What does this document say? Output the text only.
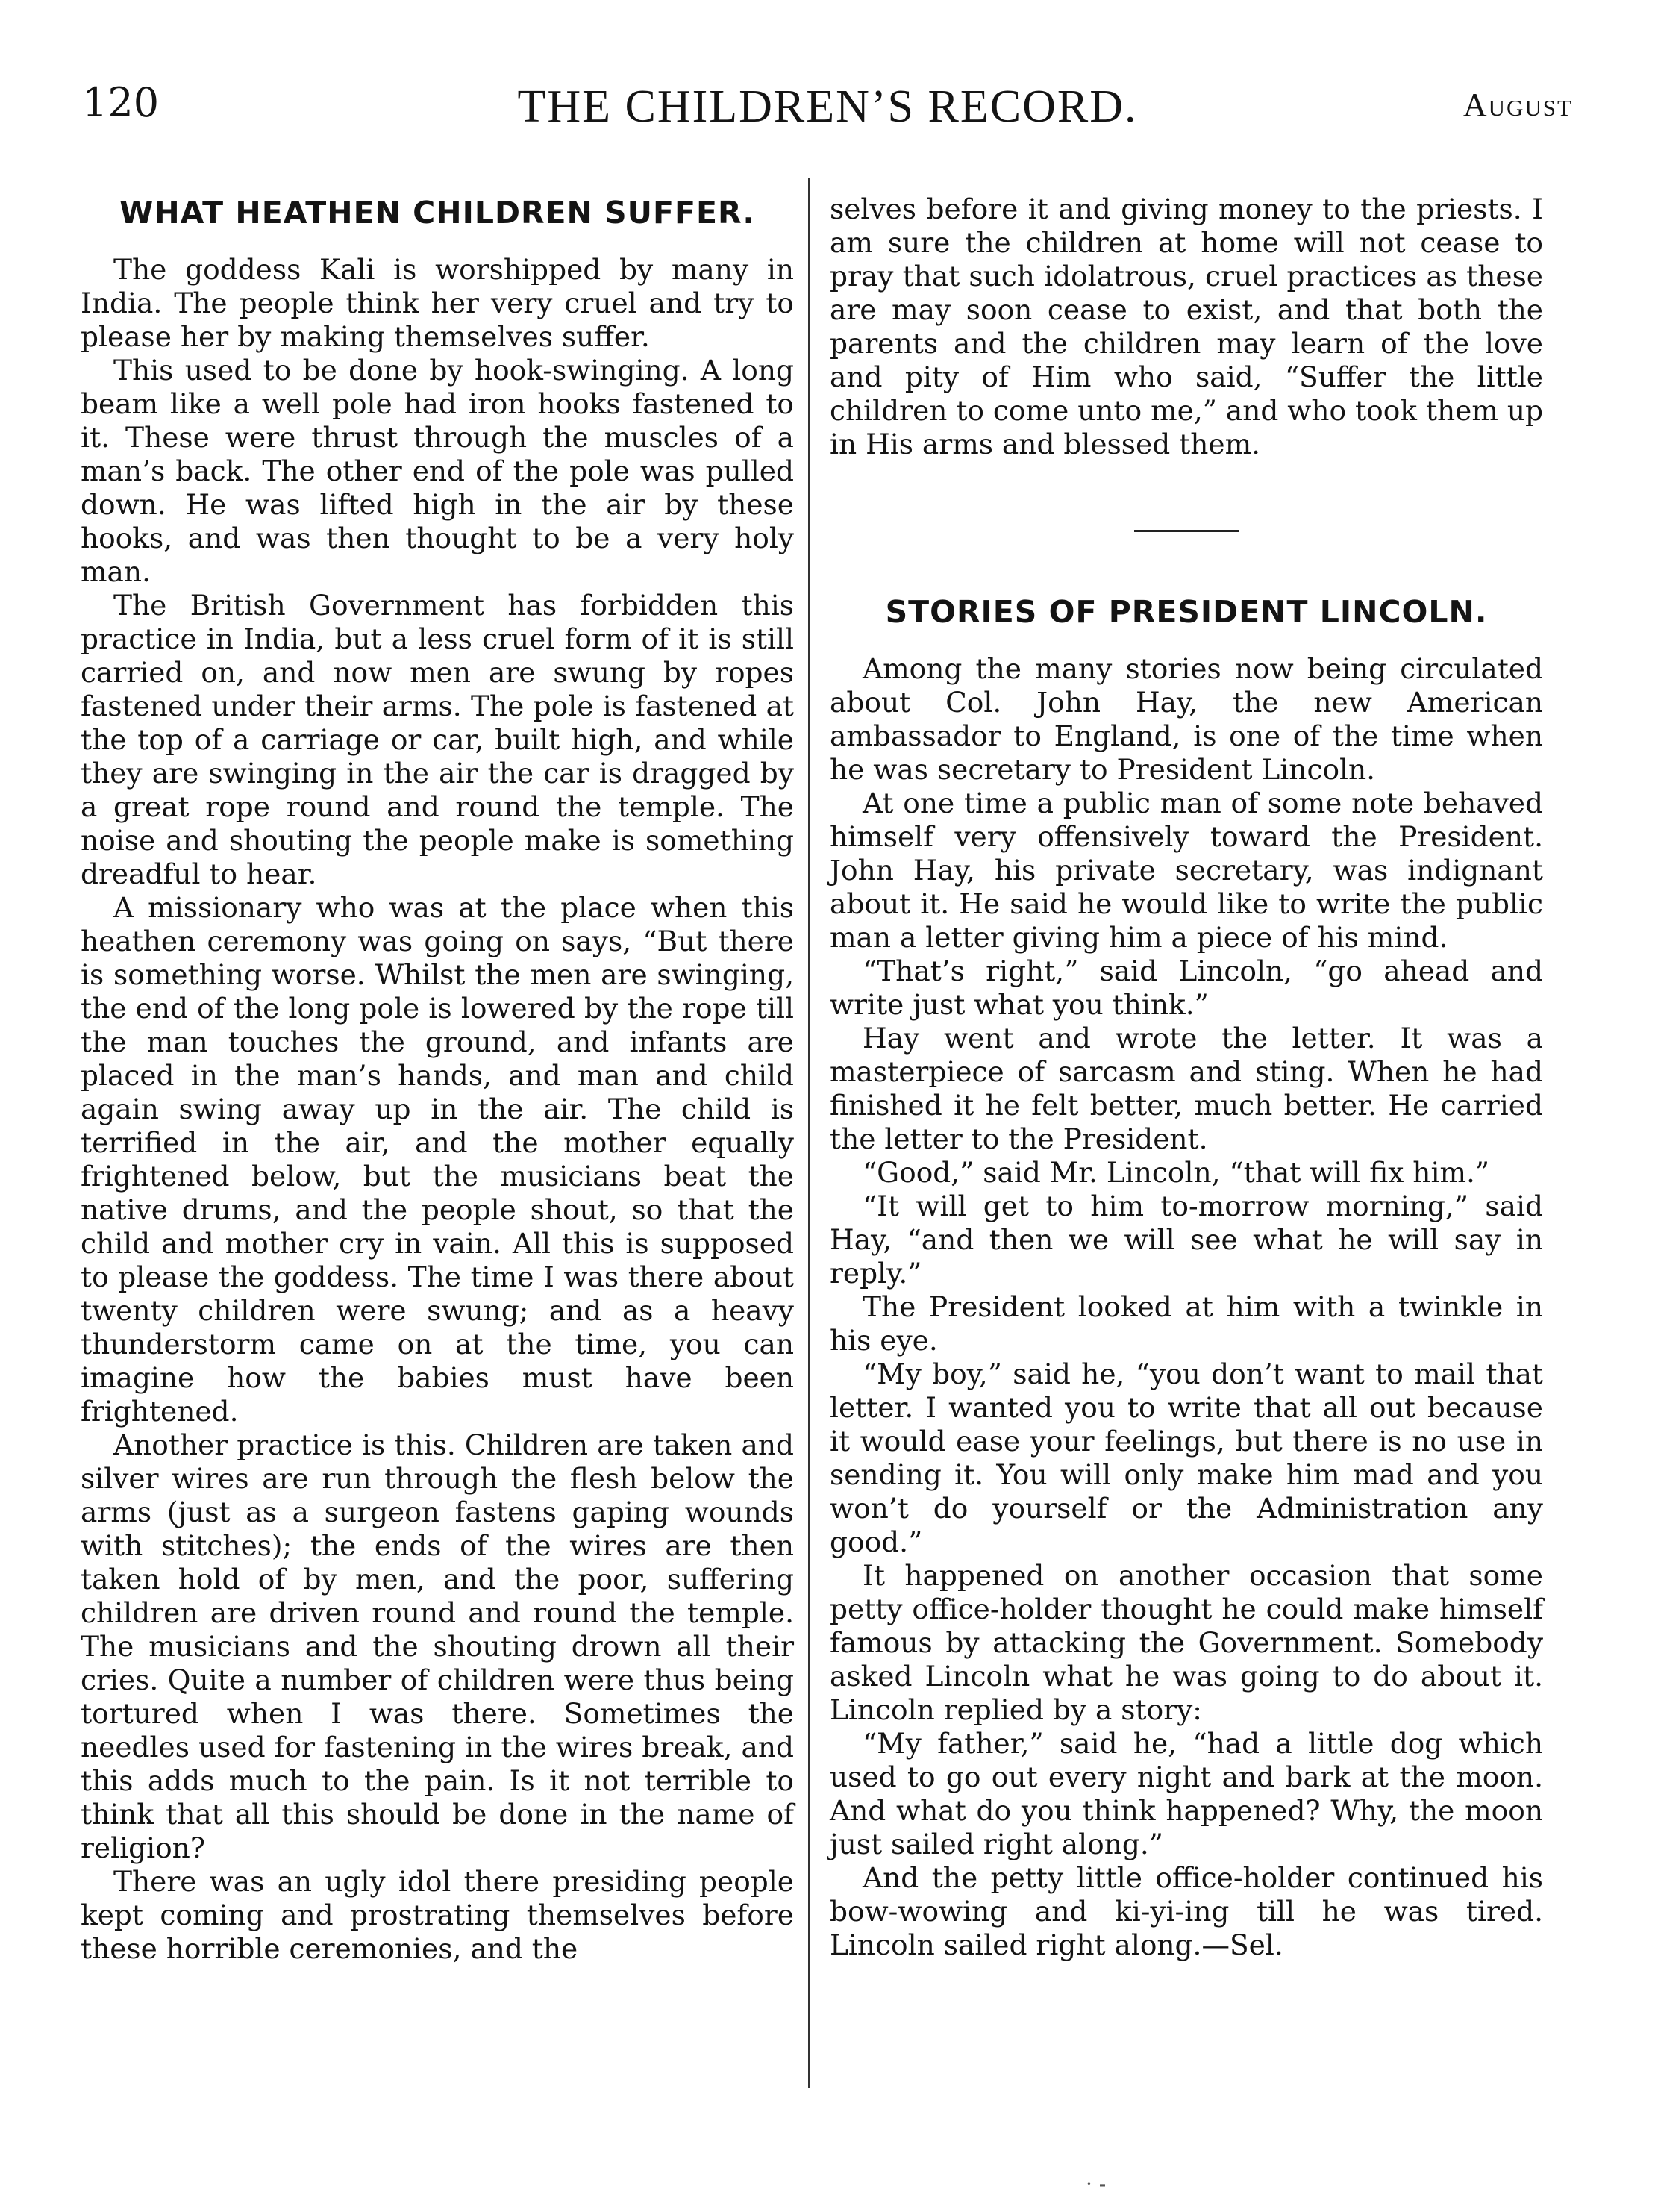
120	THE CHILDREN’S RECORD.	August
WHAT HEATHEN CHILDREN SUFFER.

The goddess Kali is worshipped by many in India. The people think her very cruel and try to please her by making themselves suffer.

This used to be done by hook-swinging. A long beam like a well pole had iron hooks fastened to it. These were thrust through the muscles of a man’s back. The other end of the pole was pulled down. He was lifted high in the air by these hooks, and was then thought to be a very holy man.

The British Government has forbidden this practice in India, but a less cruel form of it is still carried on, and now men are swung by ropes fastened under their arms. The pole is fastened at the top of a carriage or car, built high, and while they are swinging in the air the car is dragged by a great rope round and round the temple. The noise and shouting the people make is something dreadful to hear.

A missionary who was at the place when this heathen ceremony was going on says, “But there is something worse. Whilst the men are swinging, the end of the long pole is lowered by the rope till the man touches the ground, and infants are placed in the man’s hands, and man and child again swing away up in the air. The child is terrified in the air, and the mother equally frightened below, but the musicians beat the native drums, and the people shout, so that the child and mother cry in vain. All this is supposed to please the goddess. The time I was there about twenty children were swung; and as a heavy thunderstorm came on at the time, you can imagine how the babies must have been frightened.

Another practice is this. Children are taken and silver wires are run through the flesh below the arms (just as a surgeon fastens gaping wounds with stitches); the ends of the wires are then taken hold of by men, and the poor, suffering children are driven round and round the temple. The musicians and the shouting drown all their cries. Quite a number of children were thus being tortured when I was there. Sometimes the needles used for fastening in the wires break, and this adds much to the pain. Is it not terrible to think that all this should be done in the name of religion?

There was an ugly idol there presiding people kept coming and prostrating themselves before these horrible ceremonies, and the

selves before it and giving money to the priests. I am sure the children at home will not cease to pray that such idolatrous, cruel practices as these are may soon cease to exist, and that both the parents and the children may learn of the love and pity of Him who said, “Suffer the little children to come unto me,” and who took them up in His arms and blessed them.

STORIES OF PRESIDENT LINCOLN.

Among the many stories now being circulated about Col. John Hay, the new American ambassador to England, is one of the time when he was secretary to President Lincoln.

At one time a public man of some note behaved himself very offensively toward the President. John Hay, his private secretary, was indignant about it. He said he would like to write the public man a letter giving him a piece of his mind.

“That’s right,” said Lincoln, “go ahead and write just what you think.”

Hay went and wrote the letter. It was a masterpiece of sarcasm and sting. When he had finished it he felt better, much better. He carried the letter to the President.

“Good,” said Mr. Lincoln, “that will fix him.”

“It will get to him to-morrow morning,” said Hay, “and then we will see what he will say in reply.”

The President looked at him with a twinkle in his eye.

“My boy,” said he, “you don’t want to mail that letter. I wanted you to write that all out because it would ease your feelings, but there is no use in sending it. You will only make him mad and you won’t do yourself or the Administration any good.”

It happened on another occasion that some petty office-holder thought he could make himself famous by attacking the Government. Somebody asked Lincoln what he was going to do about it. Lincoln replied by a story:

“My father,” said he, “had a little dog which used to go out every night and bark at the moon. And what do you think happened? Why, the moon just sailed right along.”

And the petty little office-holder continued his bow-wowing and ki-yi-ing till he was tired. Lincoln sailed right along.—Sel.

· -
